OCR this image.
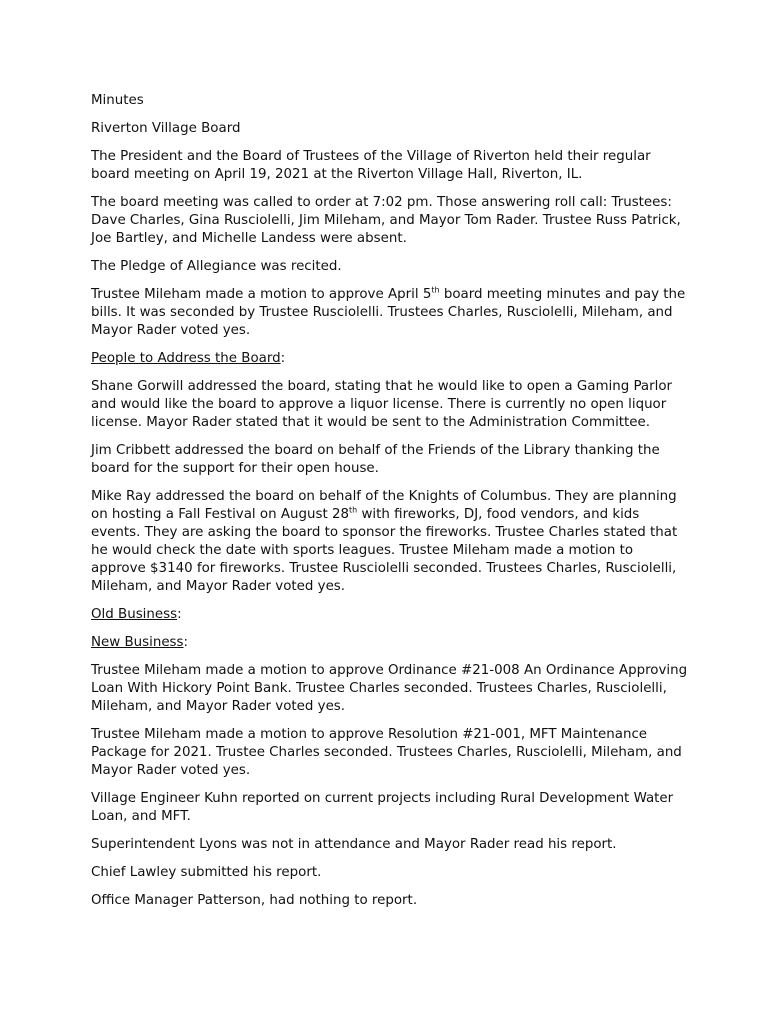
Minutes

Riverton Village Board

The President and the Board of Trustees of the Village of Riverton held their regular board meeting on April 19, 2021 at the Riverton Village Hall, Riverton, IL.

The board meeting was called to order at 7:02 pm. Those answering roll call: Trustees: Dave Charles, Gina Rusciolelli, Jim Mileham, and Mayor Tom Rader. Trustee Russ Patrick, Joe Bartley, and Michelle Landess were absent.

The Pledge of Allegiance was recited.

Trustee Mileham made a motion to approve April 5th board meeting minutes and pay the bills. It was seconded by Trustee Rusciolelli. Trustees Charles, Rusciolelli, Mileham, and Mayor Rader voted yes.

People to Address the Board:

Shane Gorwill addressed the board, stating that he would like to open a Gaming Parlor and would like the board to approve a liquor license. There is currently no open liquor license. Mayor Rader stated that it would be sent to the Administration Committee.

Jim Cribbett addressed the board on behalf of the Friends of the Library thanking the board for the support for their open house.

Mike Ray addressed the board on behalf of the Knights of Columbus. They are planning on hosting a Fall Festival on August 28th with fireworks, DJ, food vendors, and kids events. They are asking the board to sponsor the fireworks. Trustee Charles stated that he would check the date with sports leagues. Trustee Mileham made a motion to approve $3140 for fireworks. Trustee Rusciolelli seconded. Trustees Charles, Rusciolelli, Mileham, and Mayor Rader voted yes.

Old Business:

New Business:

Trustee Mileham made a motion to approve Ordinance #21-008 An Ordinance Approving Loan With Hickory Point Bank. Trustee Charles seconded. Trustees Charles, Rusciolelli, Mileham, and Mayor Rader voted yes.

Trustee Mileham made a motion to approve Resolution #21-001, MFT Maintenance Package for 2021. Trustee Charles seconded. Trustees Charles, Rusciolelli, Mileham, and Mayor Rader voted yes.

Village Engineer Kuhn reported on current projects including Rural Development Water Loan, and MFT.

Superintendent Lyons was not in attendance and Mayor Rader read his report.

Chief Lawley submitted his report.

Office Manager Patterson, had nothing to report.
